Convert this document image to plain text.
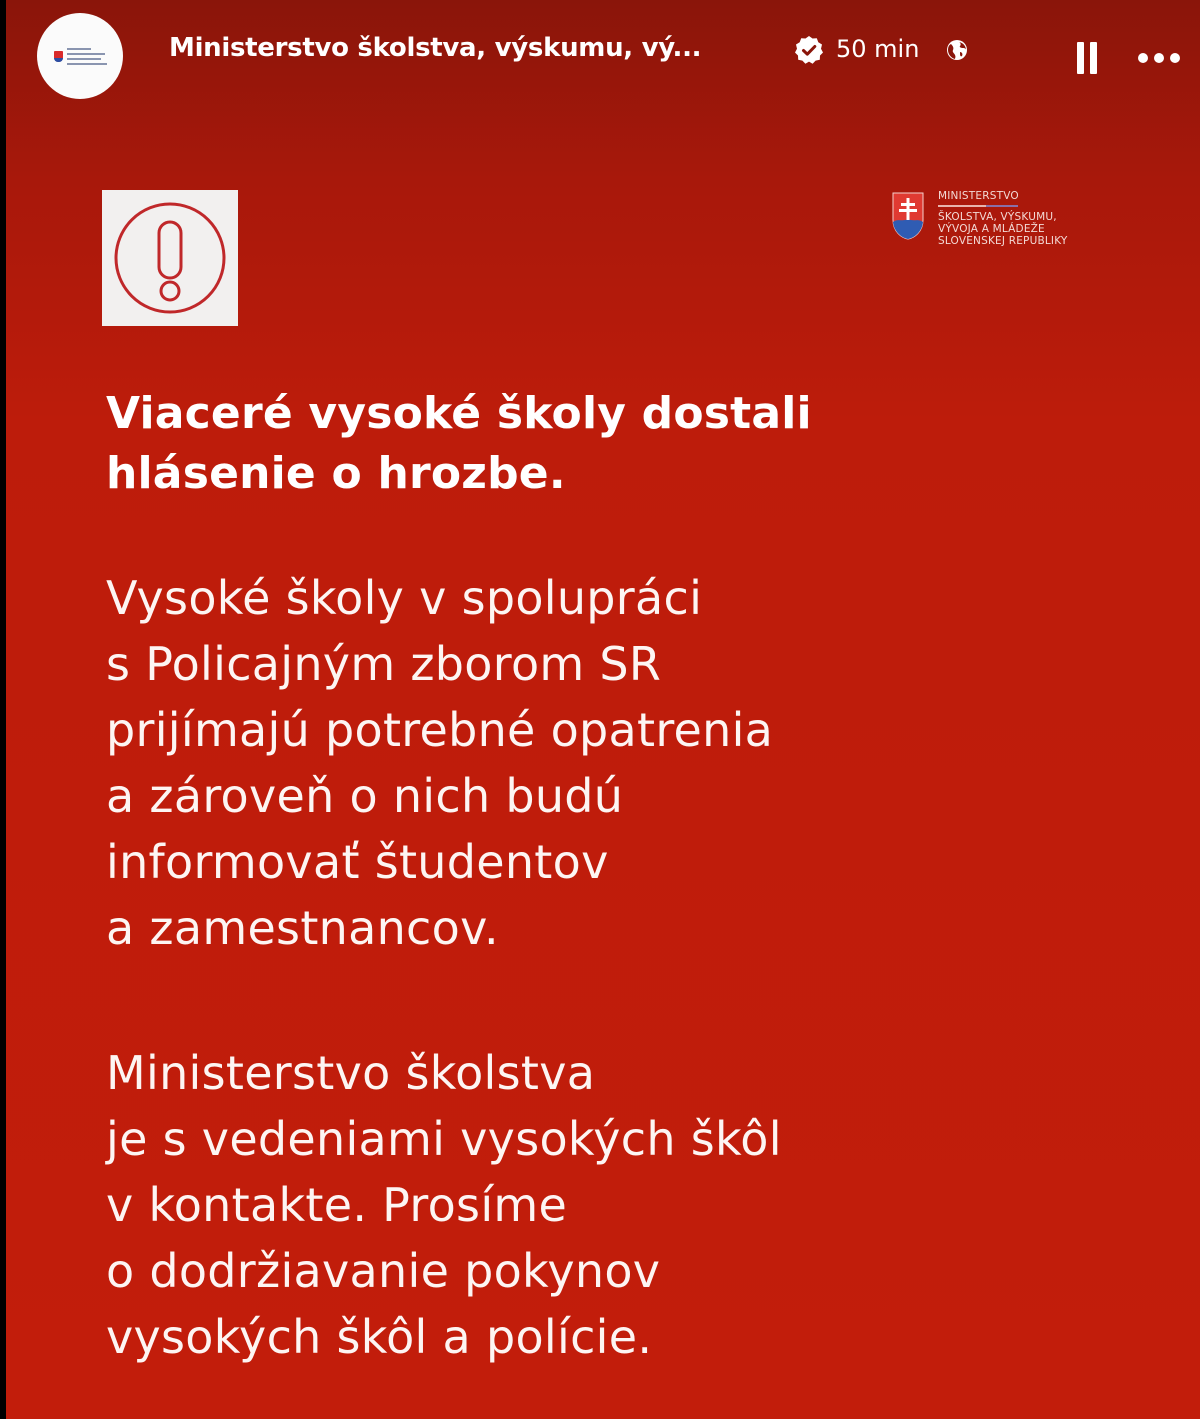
Ministerstvo školstva, výskumu, vý...	50 min
MINISTERSTVO
ŠKOLSTVA, VÝSKUMU,
VÝVOJA A MLÁDEŽE
SLOVENSKEJ REPUBLIKY
Viaceré vysoké školy dostali
hlásenie o hrozbe.

Vysoké školy v spolupráci
s Policajným zborom SR
prijímajú potrebné opatrenia
a zároveň o nich budú
informovať študentov
a zamestnancov.

Ministerstvo školstva
je s vedeniami vysokých škôl
v kontakte. Prosíme
o dodržiavanie pokynov
vysokých škôl a polície.
